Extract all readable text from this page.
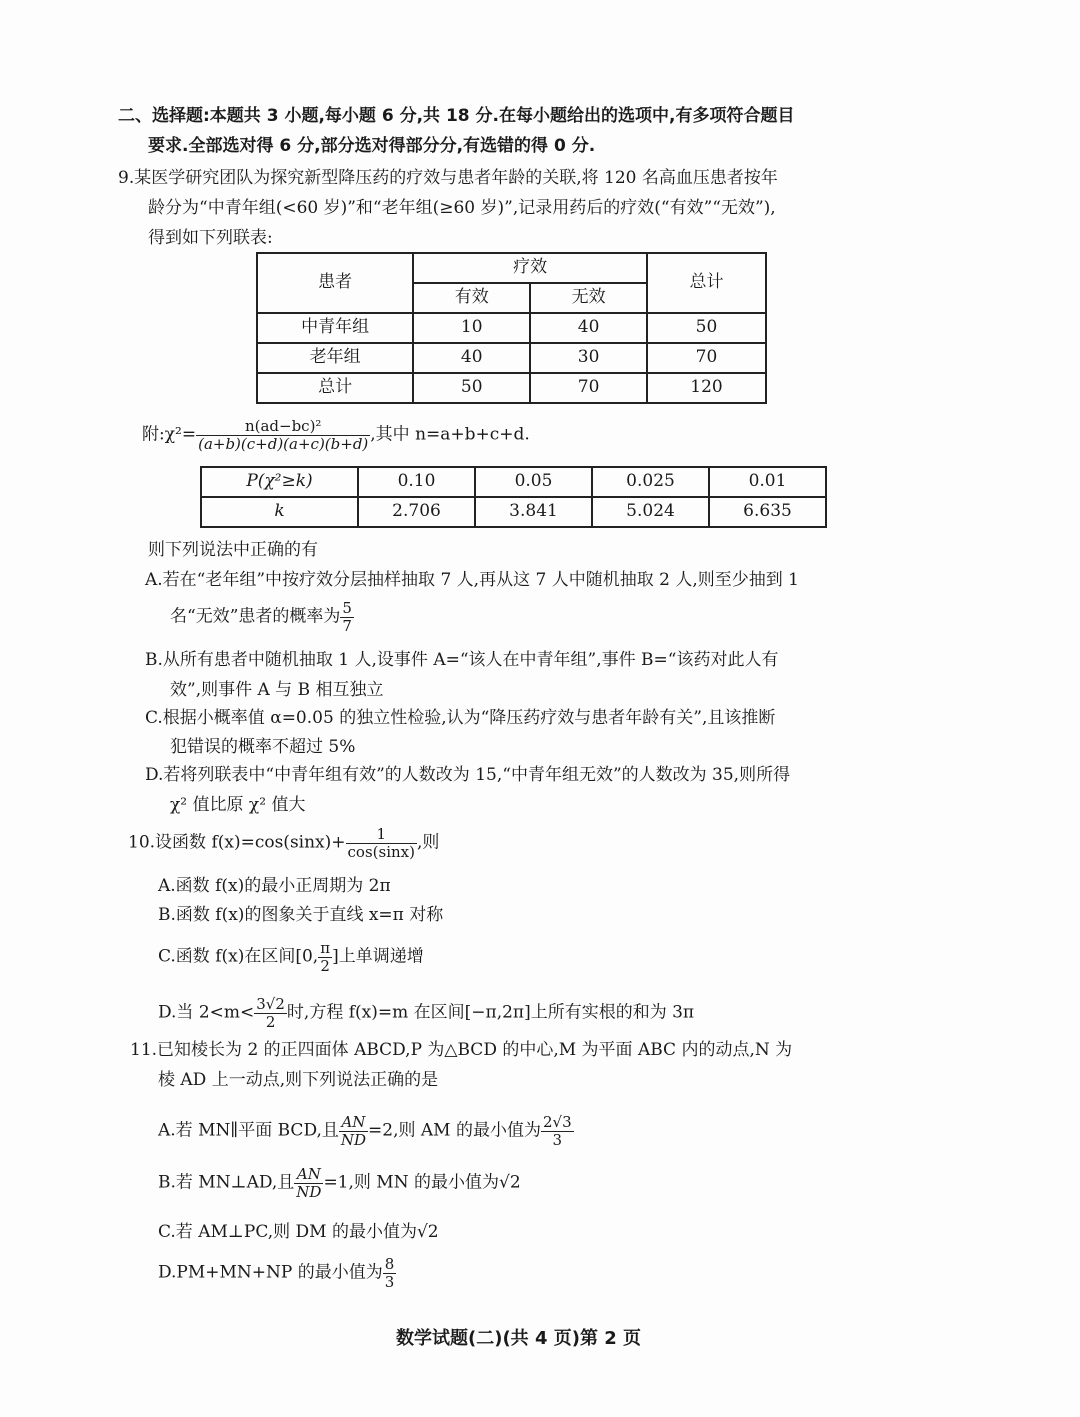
二、选择题:本题共 3 小题,每小题 6 分,共 18 分.在每小题给出的选项中,有多项符合题目
要求.全部选对得 6 分,部分选对得部分分,有选错的得 0 分.
9.某医学研究团队为探究新型降压药的疗效与患者年龄的关联,将 120 名高血压患者按年
龄分为“中青年组(<60 岁)”和“老年组(≥60 岁)”,记录用药后的疗效(“有效”“无效”),
得到如下列联表:
患者	疗效		总计
	有效	无效	
中青年组	10	40	50
老年组	40	30	70
总计	50	70	120
附:χ²= $\frac{\text{n(ad−bc)²}}{(a+b)(c+d)(a+c)(b+d)}$ ,其中 n=a+b+c+d.
P(χ²≥k)	0.10	0.05	0.025	0.01
k	2.706	3.841	5.024	6.635
则下列说法中正确的有
A.若在“老年组”中按疗效分层抽样抽取 7 人,再从这 7 人中随机抽取 2 人,则至少抽到 1
名“无效”患者的概率为 $\frac{5}{7}$
B.从所有患者中随机抽取 1 人,设事件 A=“该人在中青年组”,事件 B=“该药对此人有
效”,则事件 A 与 B 相互独立
C.根据小概率值 α=0.05 的独立性检验,认为“降压药疗效与患者年龄有关”,且该推断
犯错误的概率不超过 5%
D.若将列联表中“中青年组有效”的人数改为 15,“中青年组无效”的人数改为 35,则所得
χ² 值比原 χ² 值大
10.设函数 $f(x)=\cos(\sin x)+ \frac{1}{\cos(\sin x)}$ ,则
A.函数 f(x)的最小正周期为 2π
B.函数 f(x)的图象关于直线 x=π 对称
C.函数 f(x)在区间[0, $\frac{\pi}{2}$ ]上单调递增
D.当 $2<m< \frac{3√2}{2}$ 时,方程 f(x)=m 在区间[−π,2π]上所有实根的和为 3π
11.已知棱长为 2 的正四面体 ABCD,P 为△BCD 的中心,M 为平面 ABC 内的动点,N 为
棱 AD 上一动点,则下列说法正确的是
A.若 MN∥平面 BCD,且 $\frac{AN}{ND} =2$,则 AM 的最小值为 $\frac{2√3}{3}$
B.若 MN⊥AD,且 $\frac{AN}{ND} =1$,则 MN 的最小值为√2
C.若 AM⊥PC,则 DM 的最小值为√2
D.PM+MN+NP 的最小值为 $\frac{8}{3}$
数学试题(二)(共 4 页)第 2 页
